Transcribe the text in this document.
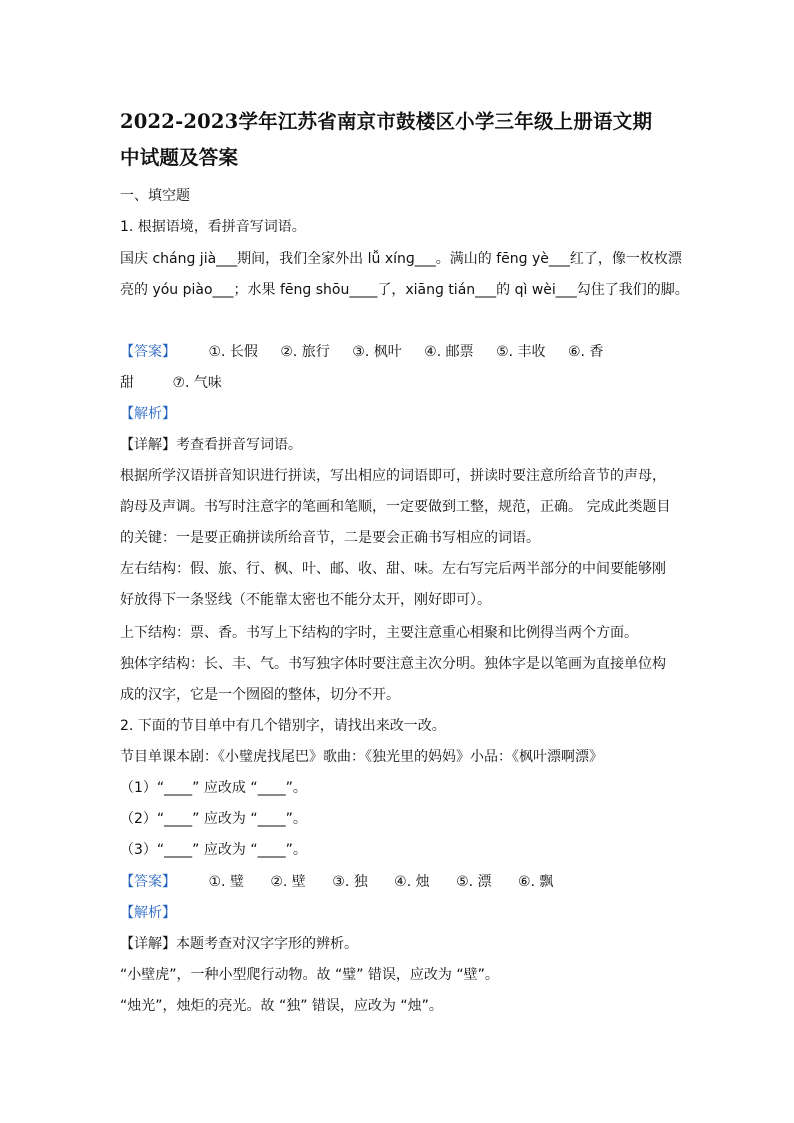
2022-2023学年江苏省南京市鼓楼区小学三年级上册语文期
中试题及答案
一、填空题
1. 根据语境，看拼音写词语。
国庆 chánɡ jià___期间，我们全家外出 lǚ xínɡ___。满山的 fēnɡ yè___红了，像一枚枚漂
亮的 yóu piào___；水果 fēnɡ shōu____了，xiānɡ tián___的 qì wèi___勾住了我们的脚。
【答案】 ①. 长假 ②. 旅行 ③. 枫叶 ④. 邮票 ⑤. 丰收 ⑥. 香
甜	⑦. 气味
【解析】
【详解】考查看拼音写词语。
根据所学汉语拼音知识进行拼读，写出相应的词语即可，拼读时要注意所给音节的声母，
韵母及声调。书写时注意字的笔画和笔顺，一定要做到工整，规范，正确。 完成此类题目
的关键：一是要正确拼读所给音节，二是要会正确书写相应的词语。
左右结构：假、旅、行、枫、叶、邮、收、甜、味。左右写完后两半部分的中间要能够刚
好放得下一条竖线（不能靠太密也不能分太开，刚好即可）。
上下结构：票、香。书写上下结构的字时，主要注意重心相聚和比例得当两个方面。
独体字结构：长、丰、气。书写独字体时要注意主次分明。独体字是以笔画为直接单位构
成的汉字，它是一个囫囵的整体，切分不开。
2. 下面的节目单中有几个错别字，请找出来改一改。
节目单课本剧：《小璧虎找尾巴》歌曲：《独光里的妈妈》小品：《枫叶漂啊漂》
（1）“____” 应改成 “____”。
（2）“____” 应改为 “____”。
（3）“____” 应改为 “____”。
【答案】 ①. 璧 ②. 壁 ③. 独 ④. 烛 ⑤. 漂 ⑥. 飘
【解析】
【详解】本题考查对汉字字形的辨析。
“小壁虎”，一种小型爬行动物。故 “璧” 错误，应改为 “壁”。
“烛光”，烛炬的亮光。故 “独” 错误，应改为 “烛”。
